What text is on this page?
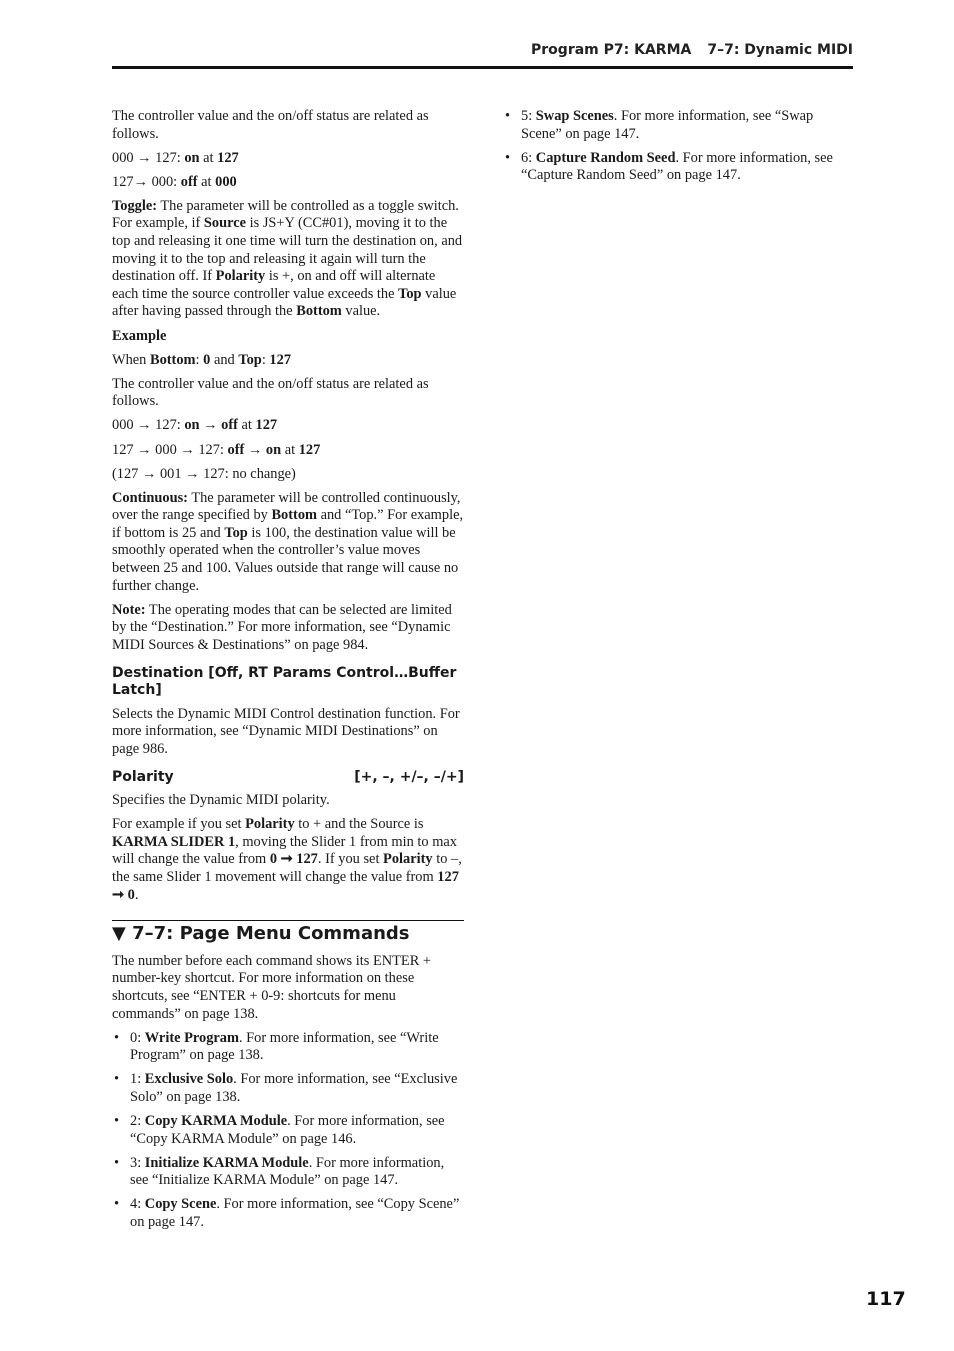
Program P7: KARMA 7–7: Dynamic MIDI

The controller value and the on/off status are related as follows.

000 → 127: on at 127

127→ 000: off at 000

Toggle: The parameter will be controlled as a toggle switch. For example, if Source is JS+Y (CC#01), moving it to the top and releasing it one time will turn the destination on, and moving it to the top and releasing it again will turn the destination off. If Polarity is +, on and off will alternate each time the source controller value exceeds the Top value after having passed through the Bottom value.

Example

When Bottom: 0 and Top: 127

The controller value and the on/off status are related as follows.

000 → 127: on → off at 127

127 → 000 → 127: off → on at 127

(127 → 001 → 127: no change)

Continuous: The parameter will be controlled continuously, over the range specified by Bottom and “Top.” For example, if bottom is 25 and Top is 100, the destination value will be smoothly operated when the controller’s value moves between 25 and 100. Values outside that range will cause no further change.

Note: The operating modes that can be selected are limited by the “Destination.” For more information, see “Dynamic MIDI Sources & Destinations” on page 984.

Destination [Off, RT Params Control…Buffer Latch]

Selects the Dynamic MIDI Control destination function. For more information, see “Dynamic MIDI Destinations” on page 986.

Polarity	[+, –, +/–, –/+]

Specifies the Dynamic MIDI polarity.

For example if you set Polarity to + and the Source is KARMA SLIDER 1, moving the Slider 1 from min to max will change the value from 0 ➞ 127. If you set Polarity to –, the same Slider 1 movement will change the value from 127 ➞ 0.

▼ 7–7: Page Menu Commands

The number before each command shows its ENTER + number-key shortcut. For more information on these shortcuts, see “ENTER + 0-9: shortcuts for menu commands” on page 138.

• 0: Write Program. For more information, see “Write Program” on page 138.
• 1: Exclusive Solo. For more information, see “Exclusive Solo” on page 138.
• 2: Copy KARMA Module. For more information, see “Copy KARMA Module” on page 146.
• 3: Initialize KARMA Module. For more information, see “Initialize KARMA Module” on page 147.
• 4: Copy Scene. For more information, see “Copy Scene” on page 147.
• 5: Swap Scenes. For more information, see “Swap Scene” on page 147.
• 6: Capture Random Seed. For more information, see “Capture Random Seed” on page 147.
117
